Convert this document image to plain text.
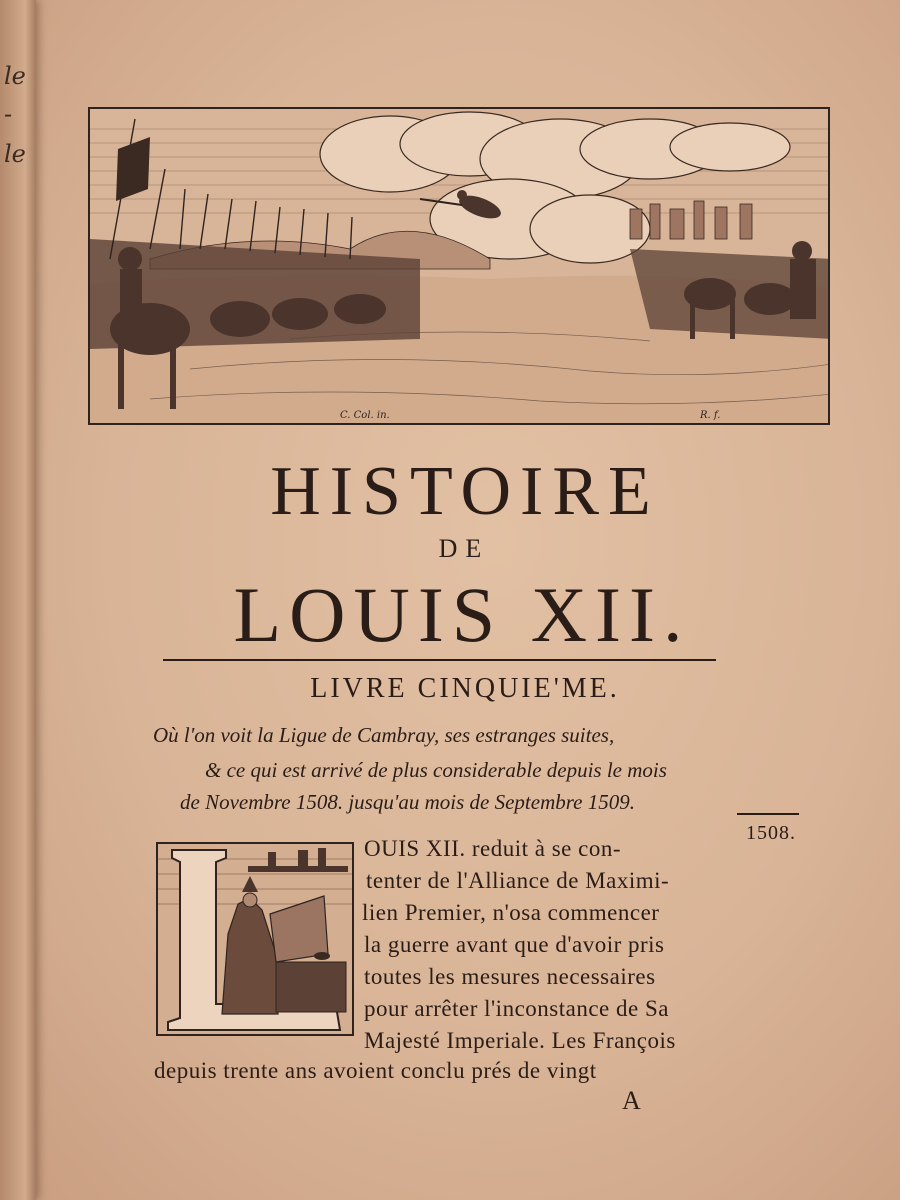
le
-
le
C. Col. in.	R. f.
HISTOIRE
DE
LOUIS XII.
LIVRE CINQUIE'ME.
Où l'on voit la Ligue de Cambray, ses estranges suites,
& ce qui est arrivé de plus considerable depuis le mois
de Novembre 1508. jusqu'au mois de Septembre 1509.
1508.
OUIS XII. reduit à se con-
tenter de l'Alliance de Maximi-
lien Premier, n'osa commencer
la guerre avant que d'avoir pris
toutes les mesures necessaires
pour arrêter l'inconstance de Sa
Majesté Imperiale. Les François
depuis trente ans avoient conclu prés de vingt
A
